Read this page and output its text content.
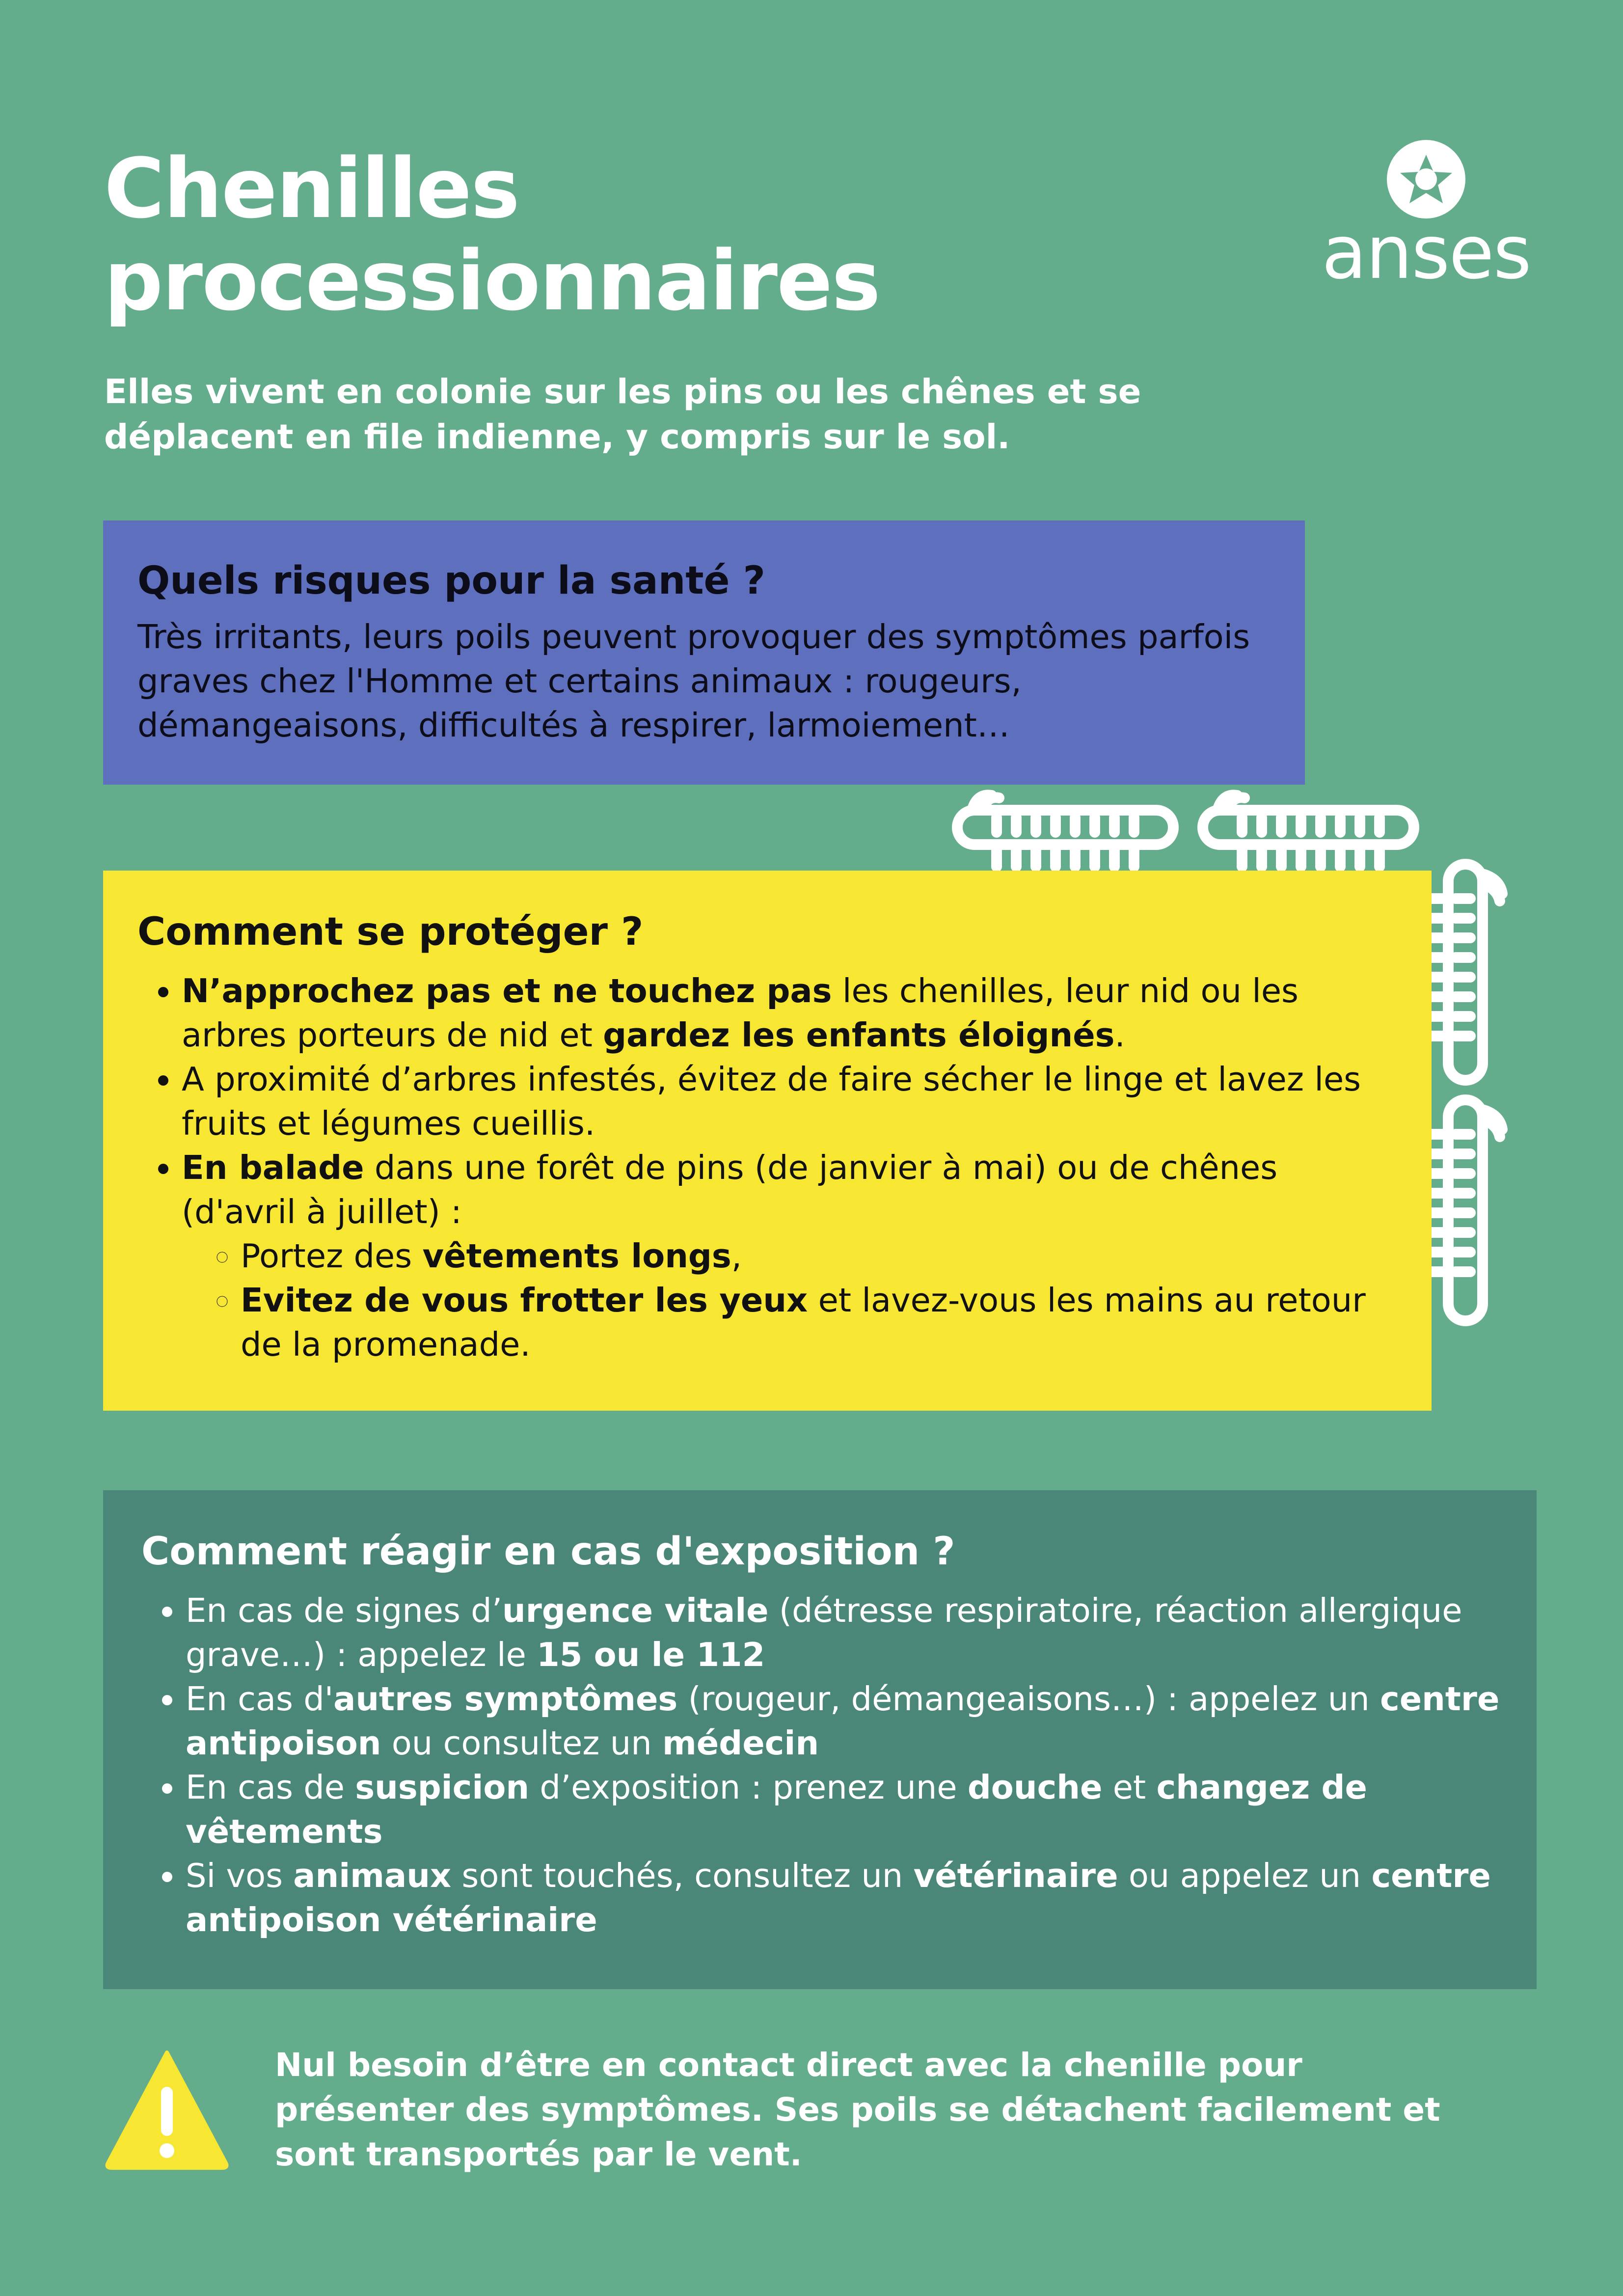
Chenilles
processionnaires	anses
Elles vivent en colonie sur les pins ou les chênes et se déplacent en file indienne, y compris sur le sol.
Quels risques pour la santé ?

Très irritants, leurs poils peuvent provoquer des symptômes parfois graves chez l'Homme et certains animaux : rougeurs, démangeaisons, difficultés à respirer, larmoiement…

Comment se protéger ?
• N’approchez pas et ne touchez pas les chenilles, leur nid ou les arbres porteurs de nid et gardez les enfants éloignés.
• A proximité d’arbres infestés, évitez de faire sécher le linge et lavez les fruits et légumes cueillis.
• En balade dans une forêt de pins (de janvier à mai) ou de chênes (d'avril à juillet) :
◦ Portez des vêtements longs,
◦ Evitez de vous frotter les yeux et lavez-vous les mains au retour de la promenade.
Comment réagir en cas d'exposition ?
• En cas de signes d’urgence vitale (détresse respiratoire, réaction allergique grave…) : appelez le 15 ou le 112
• En cas d'autres symptômes (rougeur, démangeaisons…) : appelez un centre antipoison ou consultez un médecin
• En cas de suspicion d’exposition : prenez une douche et changez de vêtements
• Si vos animaux sont touchés, consultez un vétérinaire ou appelez un centre antipoison vétérinaire
Nul besoin d’être en contact direct avec la chenille pour présenter des symptômes. Ses poils se détachent facilement et sont transportés par le vent.
